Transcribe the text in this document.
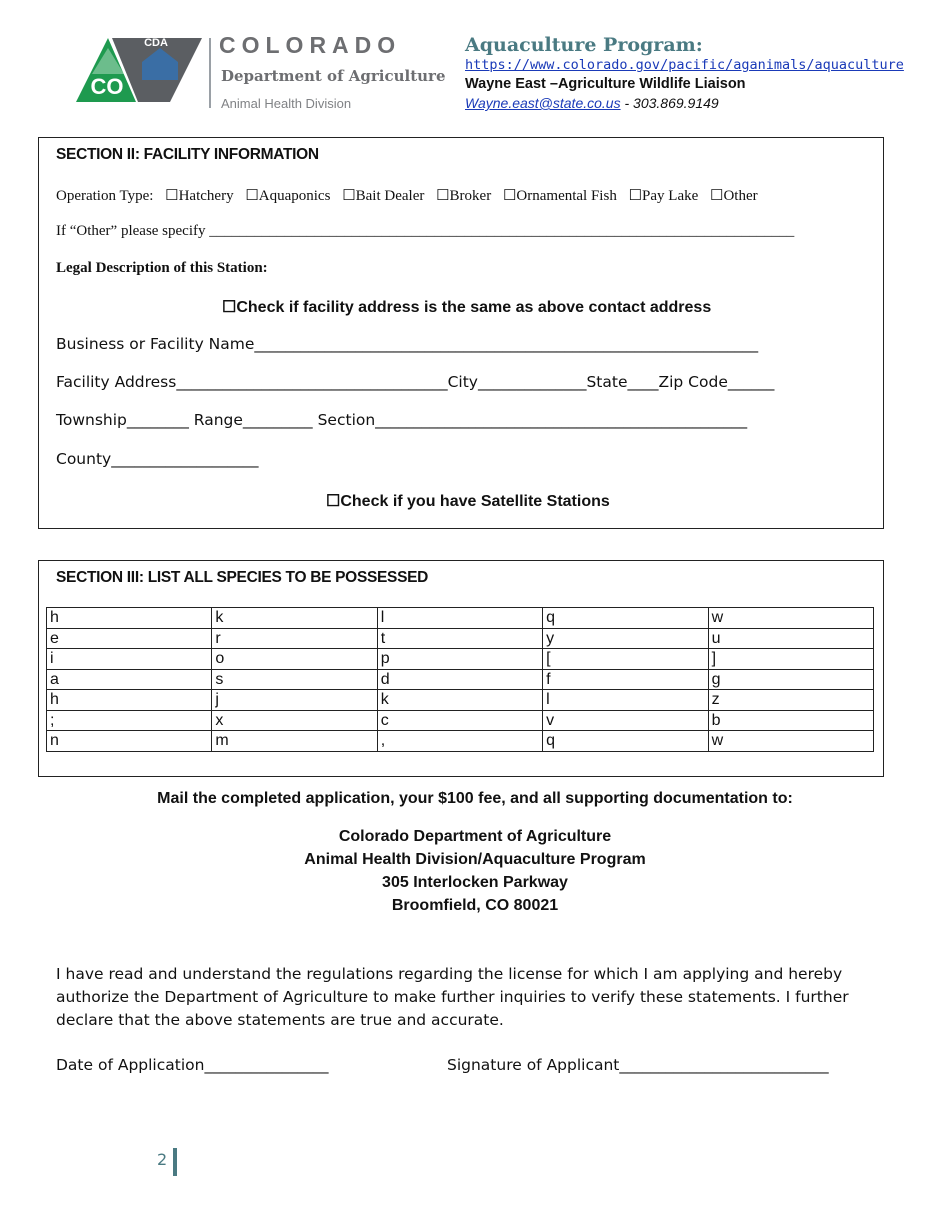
CDA
CO
COLORADO
Department of Agriculture
Animal Health Division
Aquaculture Program:
https://www.colorado.gov/pacific/aganimals/aquaculture
Wayne East –Agriculture Wildlife Liaison
Wayne.east@state.co.us - 303.869.9149
SECTION II: FACILITY INFORMATION
Operation Type: ☐Hatchery ☐Aquaponics ☐Bait Dealer ☐Broker ☐Ornamental Fish ☐Pay Lake ☐Other
If “Other” please specify ______________________________________________________________________________
Legal Description of this Station:
☐Check if facility address is the same as above contact address
Business or Facility Name_________________________________________________________________
Facility Address___________________________________City______________State____Zip Code______
Township________ Range_________ Section________________________________________________
County___________________
☐Check if you have Satellite Stations
SECTION III: LIST ALL SPECIES TO BE POSSESSED
h	k	l	q	w
e	r	t	y	u
i	o	p	[	]
a	s	d	f	g
h	j	k	l	z
;	x	c	v	b
n	m	,	q	w
Mail the completed application, your $100 fee, and all supporting documentation to:
Colorado Department of Agriculture
Animal Health Division/Aquaculture Program
305 Interlocken Parkway
Broomfield, CO 80021
I have read and understand the regulations regarding the license for which I am applying and hereby authorize the Department of Agriculture to make further inquiries to verify these statements. I further declare that the above statements are true and accurate.
Date of Application________________	Signature of Applicant___________________________
2
